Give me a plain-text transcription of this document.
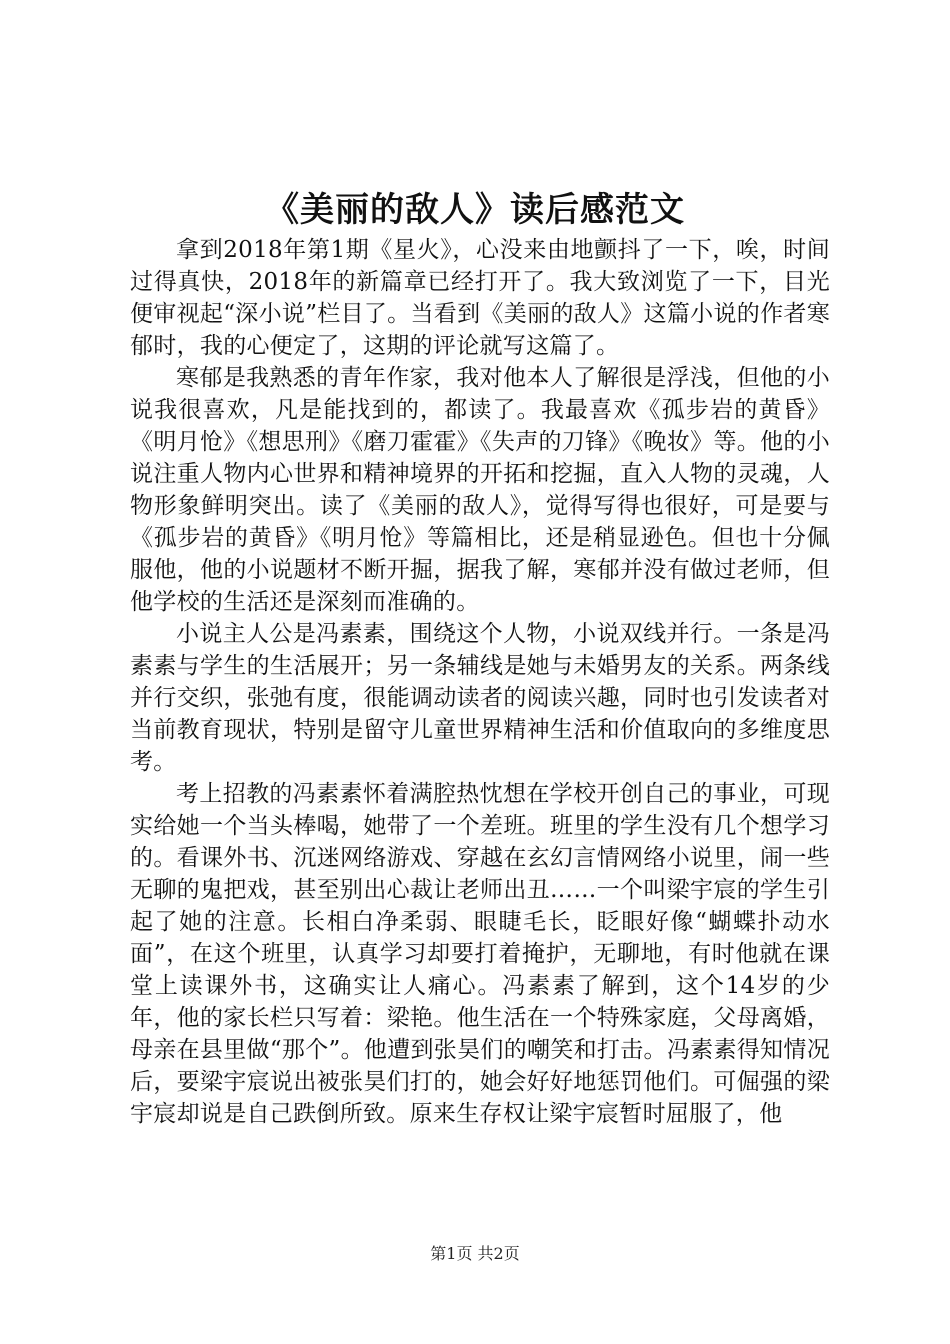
《美丽的敌人》读后感范文

拿到2018年第1期《星火》，心没来由地颤抖了一下，唉，时间过得真快，2018年的新篇章已经打开了。我大致浏览了一下，目光便审视起“深小说”栏目了。当看到《美丽的敌人》这篇小说的作者寒郁时，我的心便定了，这期的评论就写这篇了。

寒郁是我熟悉的青年作家，我对他本人了解很是浮浅，但他的小说我很喜欢，凡是能找到的，都读了。我最喜欢《孤步岩的黄昏》《明月怆》《想思刑》《磨刀霍霍》《失声的刀锋》《晚妆》等。他的小说注重人物内心世界和精神境界的开拓和挖掘，直入人物的灵魂，人物形象鲜明突出。读了《美丽的敌人》，觉得写得也很好，可是要与《孤步岩的黄昏》《明月怆》等篇相比，还是稍显逊色。但也十分佩服他，他的小说题材不断开掘，据我了解，寒郁并没有做过老师，但他学校的生活还是深刻而准确的。

小说主人公是冯素素，围绕这个人物，小说双线并行。一条是冯素素与学生的生活展开；另一条辅线是她与未婚男友的关系。两条线并行交织，张弛有度，很能调动读者的阅读兴趣，同时也引发读者对当前教育现状，特别是留守儿童世界精神生活和价值取向的多维度思考。

考上招教的冯素素怀着满腔热忱想在学校开创自己的事业，可现实给她一个当头棒喝，她带了一个差班。班里的学生没有几个想学习的。看课外书、沉迷网络游戏、穿越在玄幻言情网络小说里，闹一些无聊的鬼把戏，甚至别出心裁让老师出丑……一个叫梁宇宸的学生引起了她的注意。长相白净柔弱、眼睫毛长，眨眼好像“蝴蝶扑动水面”，在这个班里，认真学习却要打着掩护，无聊地，有时他就在课堂上读课外书，这确实让人痛心。冯素素了解到，这个14岁的少年，他的家长栏只写着：梁艳。他生活在一个特殊家庭，父母离婚，母亲在县里做“那个”。他遭到张昊们的嘲笑和打击。冯素素得知情况后，要梁宇宸说出被张昊们打的，她会好好地惩罚他们。可倔强的梁宇宸却说是自己跌倒所致。原来生存权让梁宇宸暂时屈服了，他

第1页 共2页
